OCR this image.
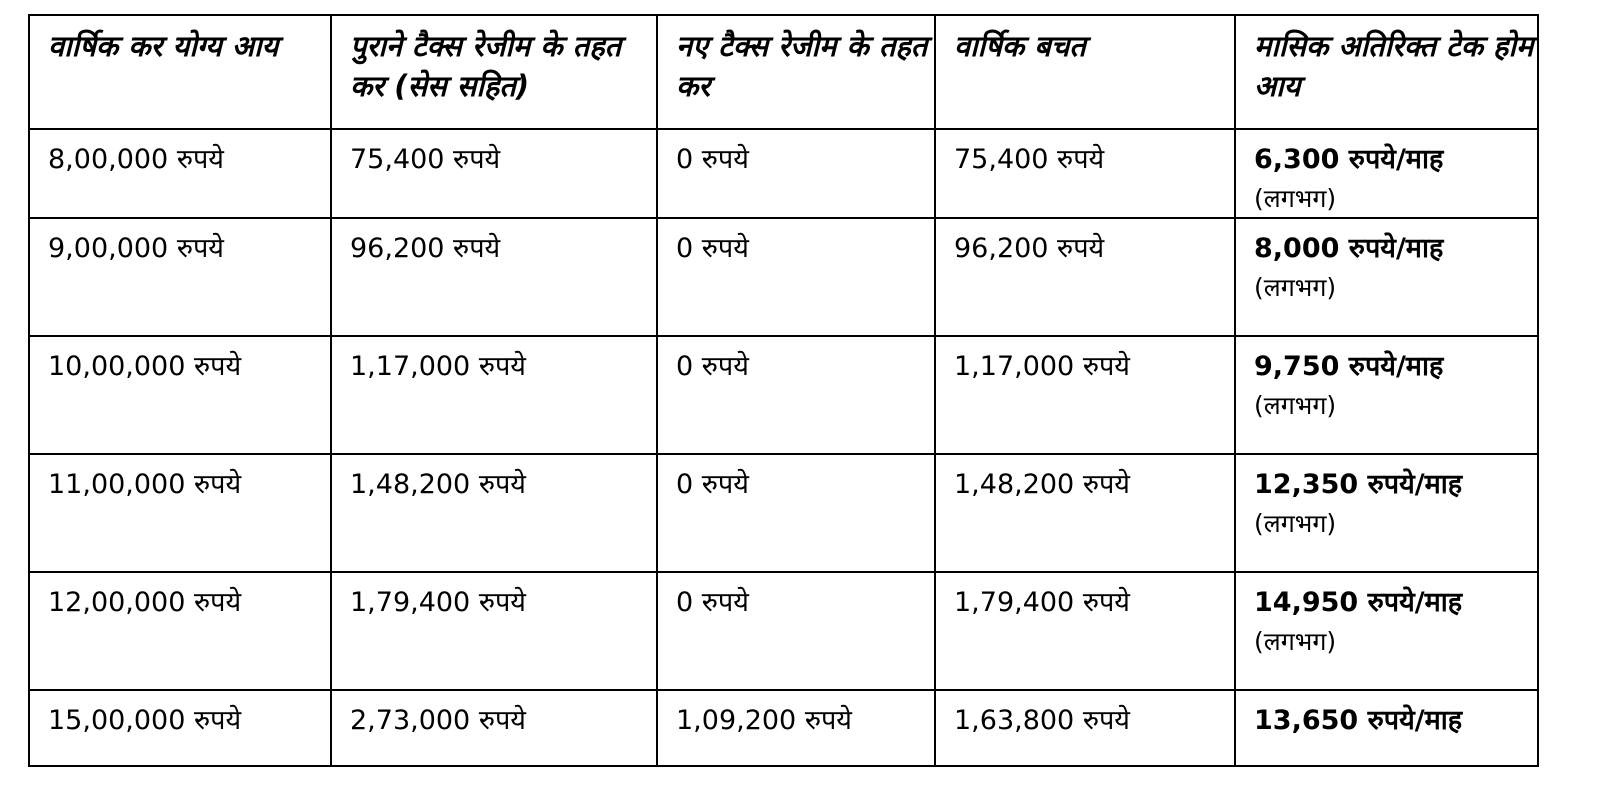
वार्षिक कर योग्य आय	पुराने टैक्स रेजीम के तहत कर (सेस सहित)	नए टैक्स रेजीम के तहत कर	वार्षिक बचत	मासिक अतिरिक्त टेक होम आय

8,00,000 रुपये	75,400 रुपये	0 रुपये	75,400 रुपये	6,300 रुपये/माह
(लगभग)

9,00,000 रुपये	96,200 रुपये	0 रुपये	96,200 रुपये	8,000 रुपये/माह
(लगभग)

10,00,000 रुपये	1,17,000 रुपये	0 रुपये	1,17,000 रुपये	9,750 रुपये/माह
(लगभग)

11,00,000 रुपये	1,48,200 रुपये	0 रुपये	1,48,200 रुपये	12,350 रुपये/माह
(लगभग)

12,00,000 रुपये	1,79,400 रुपये	0 रुपये	1,79,400 रुपये	14,950 रुपये/माह
(लगभग)

15,00,000 रुपये	2,73,000 रुपये	1,09,200 रुपये	1,63,800 रुपये	13,650 रुपये/माह
